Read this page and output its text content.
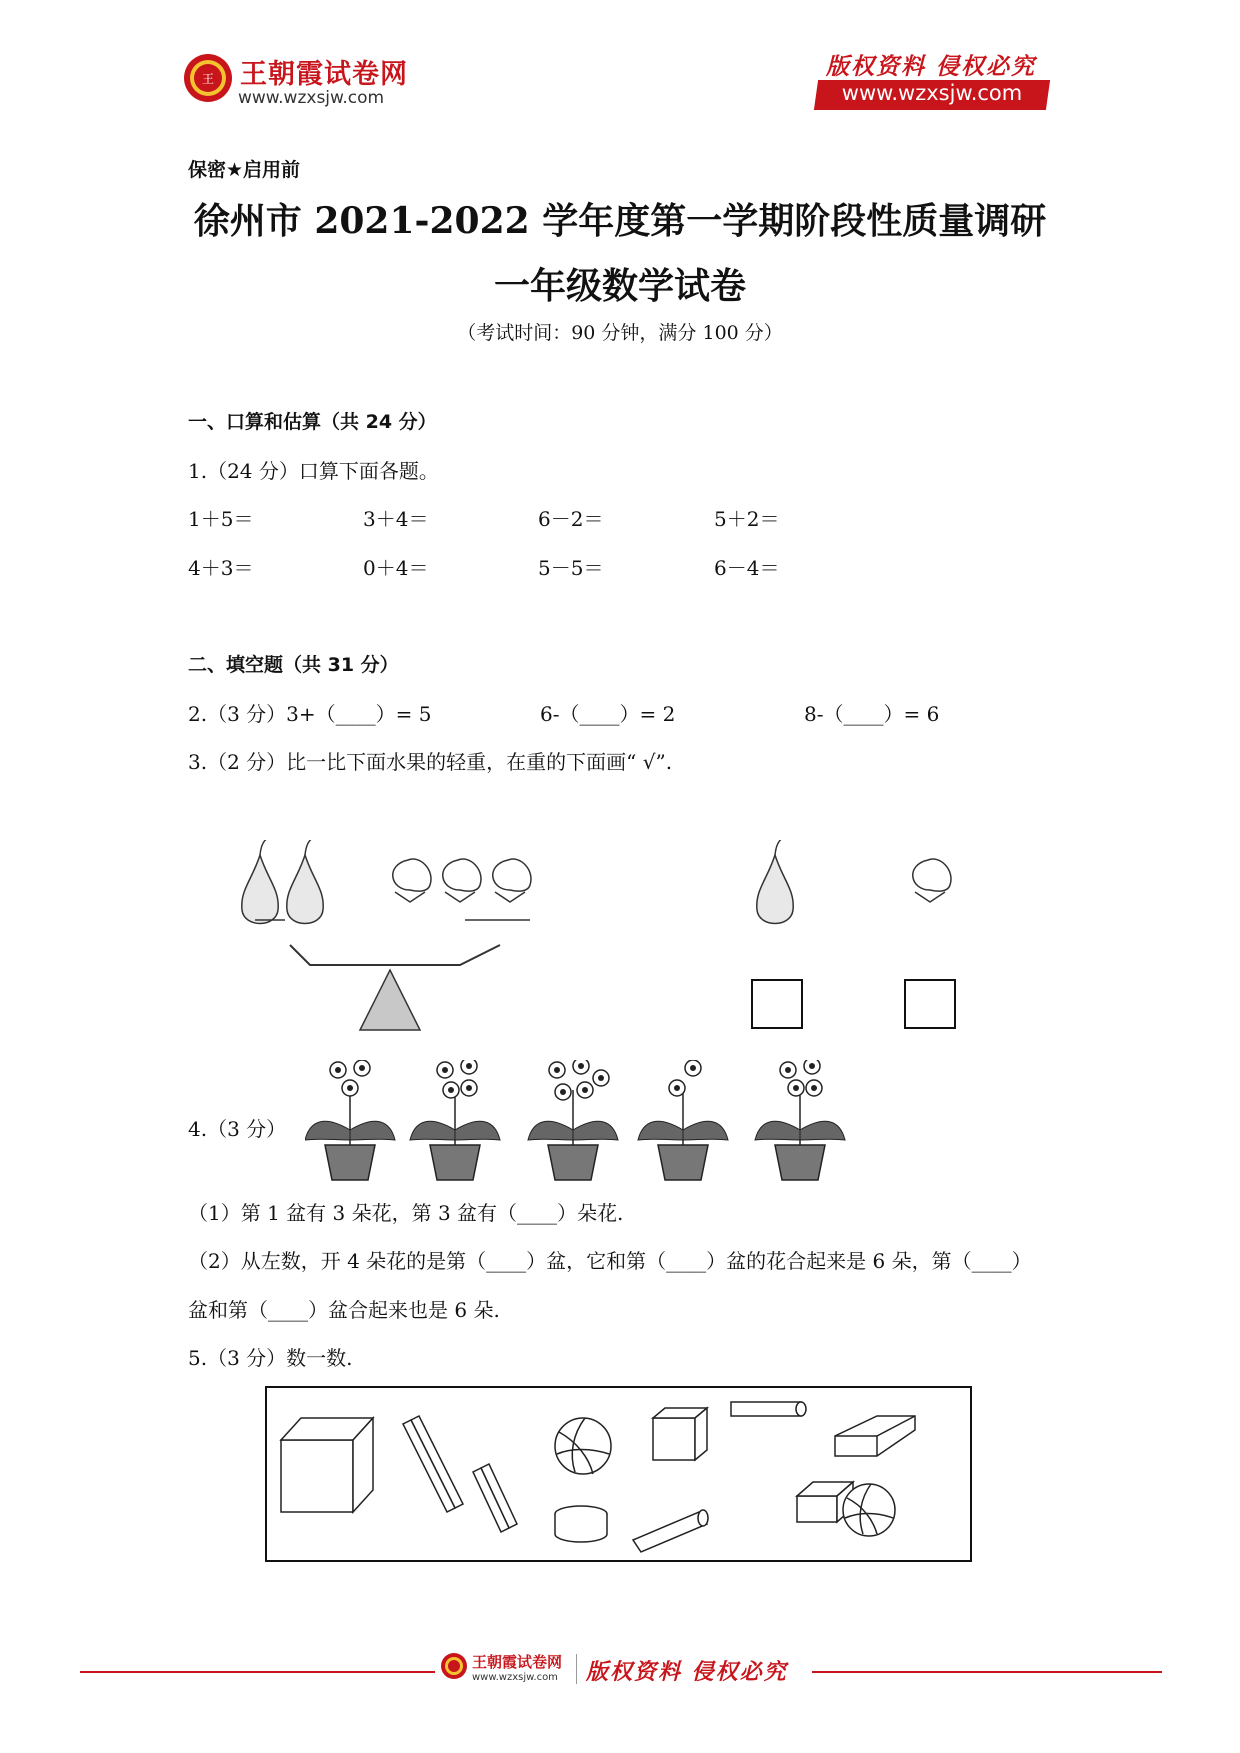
王 王朝霞试卷网
www.wzxsjw.com
版权资料 侵权必究
www.wzxsjw.com
保密★启用前
徐州市 2021-2022 学年度第一学期阶段性质量调研
一年级数学试卷
（考试时间：90 分钟，满分 100 分）
一、口算和估算（共 24 分）
1.（24 分）口算下面各题。
1＋5＝	3＋4＝	6－2＝	5＋2＝
4＋3＝	0＋4＝	5－5＝	6－4＝
二、填空题（共 31 分）
2.（3 分）3+（____）= 5	6-（____）= 2	8-（____）= 6
3.（2 分）比一比下面水果的轻重，在重的下面画“ √”.
4.（3 分）
（1）第 1 盆有 3 朵花，第 3 盆有（____）朵花.
（2）从左数，开 4 朵花的是第（____）盆，它和第（____）盆的花合起来是 6 朵，第（____）
盆和第（____）盆合起来也是 6 朵.
5.（3 分）数一数.
王朝霞试卷网
www.wzxsjw.com 版权资料 侵权必究
